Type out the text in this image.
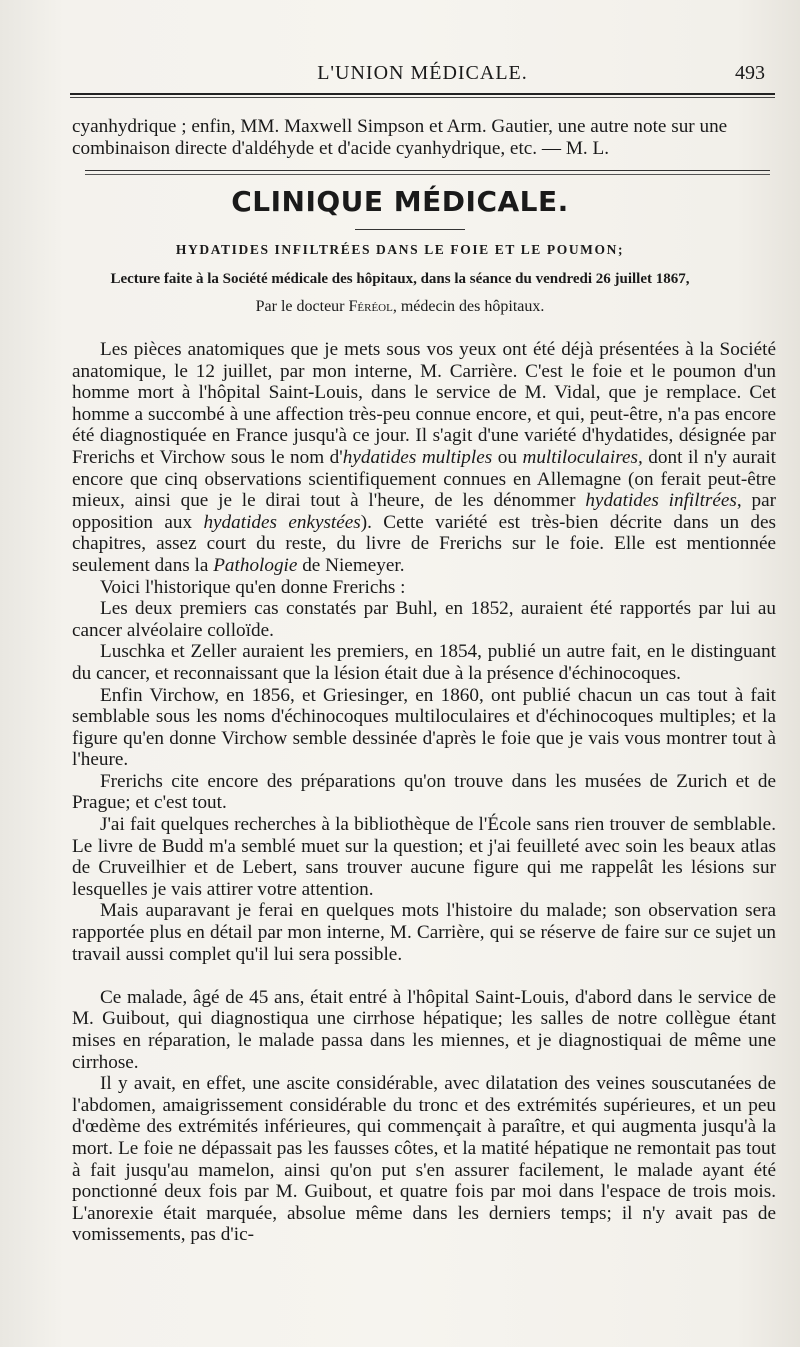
L'UNION MÉDICALE.	493
cyanhydrique ; enfin, MM. Maxwell Simpson et Arm. Gautier, une autre note sur une
combinaison directe d'aldéhyde et d'acide cyanhydrique, etc. — M. L.
CLINIQUE MÉDICALE.
HYDATIDES INFILTRÉES DANS LE FOIE ET LE POUMON;
Lecture faite à la Société médicale des hôpitaux, dans la séance du vendredi 26 juillet 1867,
Par le docteur Féréol, médecin des hôpitaux.

Les pièces anatomiques que je mets sous vos yeux ont été déjà présentées à la Société anatomique, le 12 juillet, par mon interne, M. Carrière. C'est le foie et le poumon d'un homme mort à l'hôpital Saint-Louis, dans le service de M. Vidal, que je remplace. Cet homme a succombé à une affection très-peu connue encore, et qui, peut-être, n'a pas encore été diagnostiquée en France jusqu'à ce jour. Il s'agit d'une variété d'hydatides, désignée par Frerichs et Virchow sous le nom d'hydatides multiples ou multiloculaires, dont il n'y aurait encore que cinq observations scientifiquement connues en Allemagne (on ferait peut-être mieux, ainsi que je le dirai tout à l'heure, de les dénommer hydatides infiltrées, par opposition aux hydatides enkystées). Cette variété est très-bien décrite dans un des chapitres, assez court du reste, du livre de Frerichs sur le foie. Elle est mentionnée seulement dans la Pathologie de Niemeyer.

Voici l'historique qu'en donne Frerichs :

Les deux premiers cas constatés par Buhl, en 1852, auraient été rapportés par lui au cancer alvéolaire colloïde.

Luschka et Zeller auraient les premiers, en 1854, publié un autre fait, en le distinguant du cancer, et reconnaissant que la lésion était due à la présence d'échinocoques.

Enfin Virchow, en 1856, et Griesinger, en 1860, ont publié chacun un cas tout à fait semblable sous les noms d'échinocoques multiloculaires et d'échinocoques multiples; et la figure qu'en donne Virchow semble dessinée d'après le foie que je vais vous montrer tout à l'heure.

Frerichs cite encore des préparations qu'on trouve dans les musées de Zurich et de Prague; et c'est tout.

J'ai fait quelques recherches à la bibliothèque de l'École sans rien trouver de semblable. Le livre de Budd m'a semblé muet sur la question; et j'ai feuilleté avec soin les beaux atlas de Cruveilhier et de Lebert, sans trouver aucune figure qui me rappelât les lésions sur lesquelles je vais attirer votre attention.

Mais auparavant je ferai en quelques mots l'histoire du malade; son observation sera rapportée plus en détail par mon interne, M. Carrière, qui se réserve de faire sur ce sujet un travail aussi complet qu'il lui sera possible.

Ce malade, âgé de 45 ans, était entré à l'hôpital Saint-Louis, d'abord dans le service de M. Guibout, qui diagnostiqua une cirrhose hépatique; les salles de notre collègue étant mises en réparation, le malade passa dans les miennes, et je diagnostiquai de même une cirrhose.

Il y avait, en effet, une ascite considérable, avec dilatation des veines souscutanées de l'abdomen, amaigrissement considérable du tronc et des extrémités supérieures, et un peu d'œdème des extrémités inférieures, qui commençait à paraître, et qui augmenta jusqu'à la mort. Le foie ne dépassait pas les fausses côtes, et la matité hépatique ne remontait pas tout à fait jusqu'au mamelon, ainsi qu'on put s'en assurer facilement, le malade ayant été ponctionné deux fois par M. Guibout, et quatre fois par moi dans l'espace de trois mois. L'anorexie était marquée, absolue même dans les derniers temps; il n'y avait pas de vomissements, pas d'ic-
